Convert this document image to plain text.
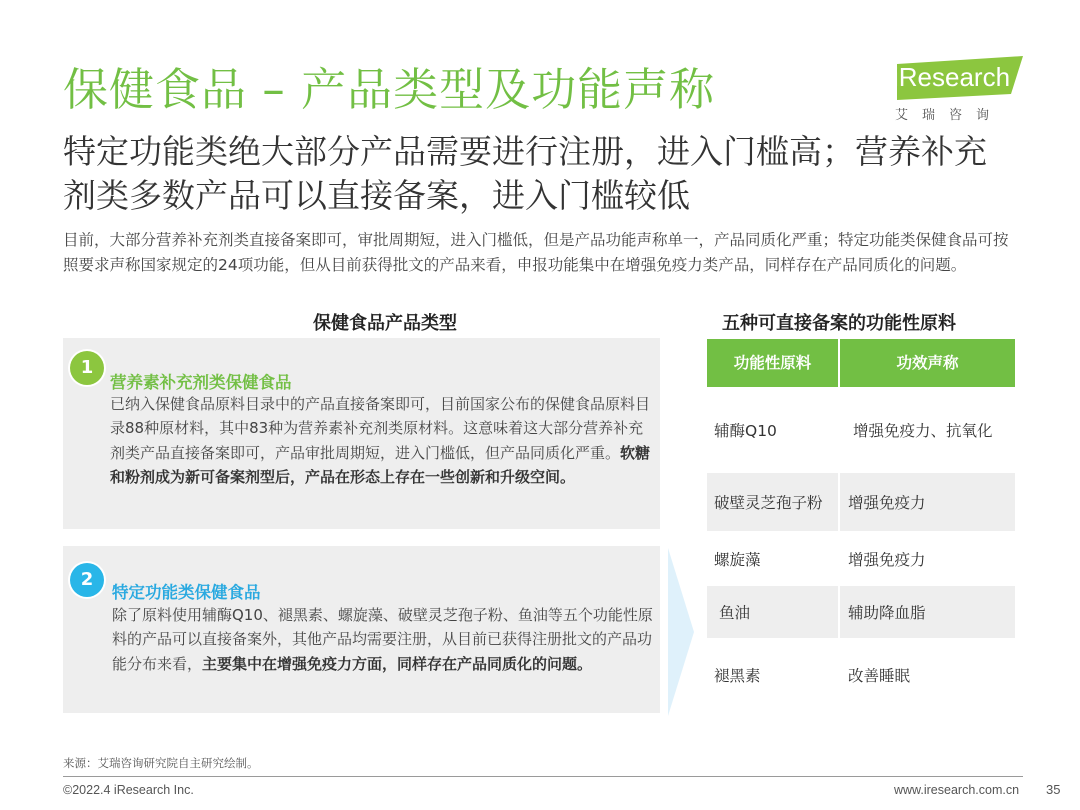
保健食品 – 产品类型及功能声称	iResearch
艾瑞咨询
特定功能类绝大部分产品需要进行注册，进入门槛高；营养补充剂类多数产品可以直接备案，进入门槛较低
目前，大部分营养补充剂类直接备案即可，审批周期短，进入门槛低，但是产品功能声称单一，产品同质化严重；特定功能类保健食品可按照要求声称国家规定的24项功能，但从目前获得批文的产品来看，申报功能集中在增强免疫力类产品，同样存在产品同质化的问题。
保健食品产品类型	五种可直接备案的功能性原料
1
营养素补充剂类保健食品
已纳入保健食品原料目录中的产品直接备案即可，目前国家公布的保健食品原料目录88种原材料，其中83种为营养素补充剂类原材料。这意味着这大部分营养补充剂类产品直接备案即可，产品审批周期短，进入门槛低，但产品同质化严重。软糖和粉剂成为新可备案剂型后，产品在形态上存在一些创新和升级空间。
2
特定功能类保健食品
除了原料使用辅酶Q10、褪黑素、螺旋藻、破壁灵芝孢子粉、鱼油等五个功能性原料的产品可以直接备案外，其他产品均需要注册，从目前已获得注册批文的产品功能分布来看，主要集中在增强免疫力方面，同样存在产品同质化的问题。
功能性原料	功效声称
辅酶Q10	增强免疫力、抗氧化
破壁灵芝孢子粉	增强免疫力
螺旋藻	增强免疫力
鱼油	辅助降血脂
褪黑素	改善睡眠
来源：艾瑞咨询研究院自主研究绘制。
©2022.4 iResearch Inc.	www.iresearch.com.cn 35
